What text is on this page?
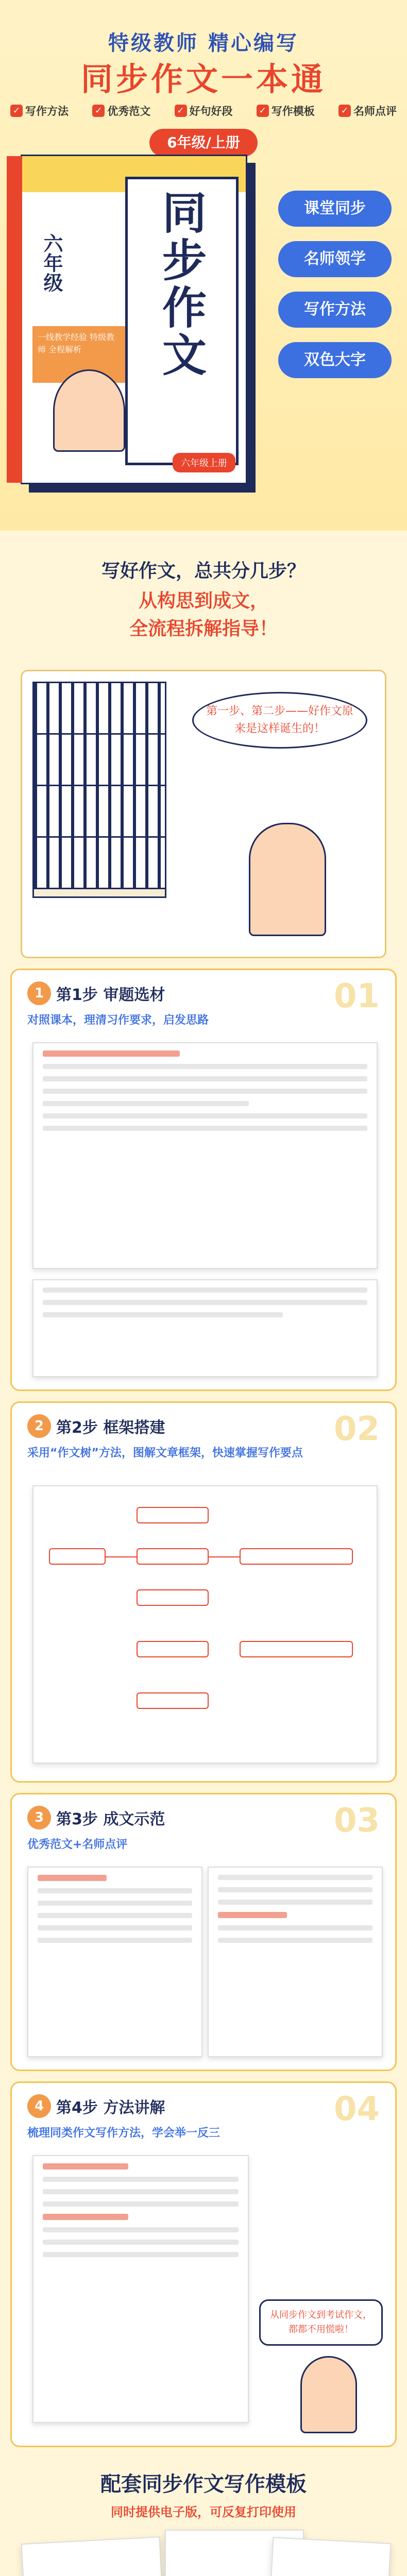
特级教师 精心编写
同步作文一本通
✓ 写作方法	✓ 优秀范文	✓ 好句好段	✓ 写作模板	✓ 名师点评
6年级/上册
六年级 同步作文
一线教学经验 特级教师 全程解析
六年级上册
课堂同步
名师领学
写作方法
双色大字
写好作文，总共分几步？
从构思到成文，
全流程拆解指导！
第一步、第二步——好作文原来是这样诞生的！
1 第1步 审题选材
对照课本，理清习作要求，启发思路
01
2 第2步 框架搭建
采用“作文树”方法，图解文章框架，快速掌握写作要点
02
3 第3步 成文示范
优秀范文+名师点评
03
4 第4步 方法讲解
梳理同类作文写作方法，学会举一反三
04
从同步作文到考试作文，都都不用慌啦！
配套同步作文写作模板
同时提供电子版，可反复打印使用
